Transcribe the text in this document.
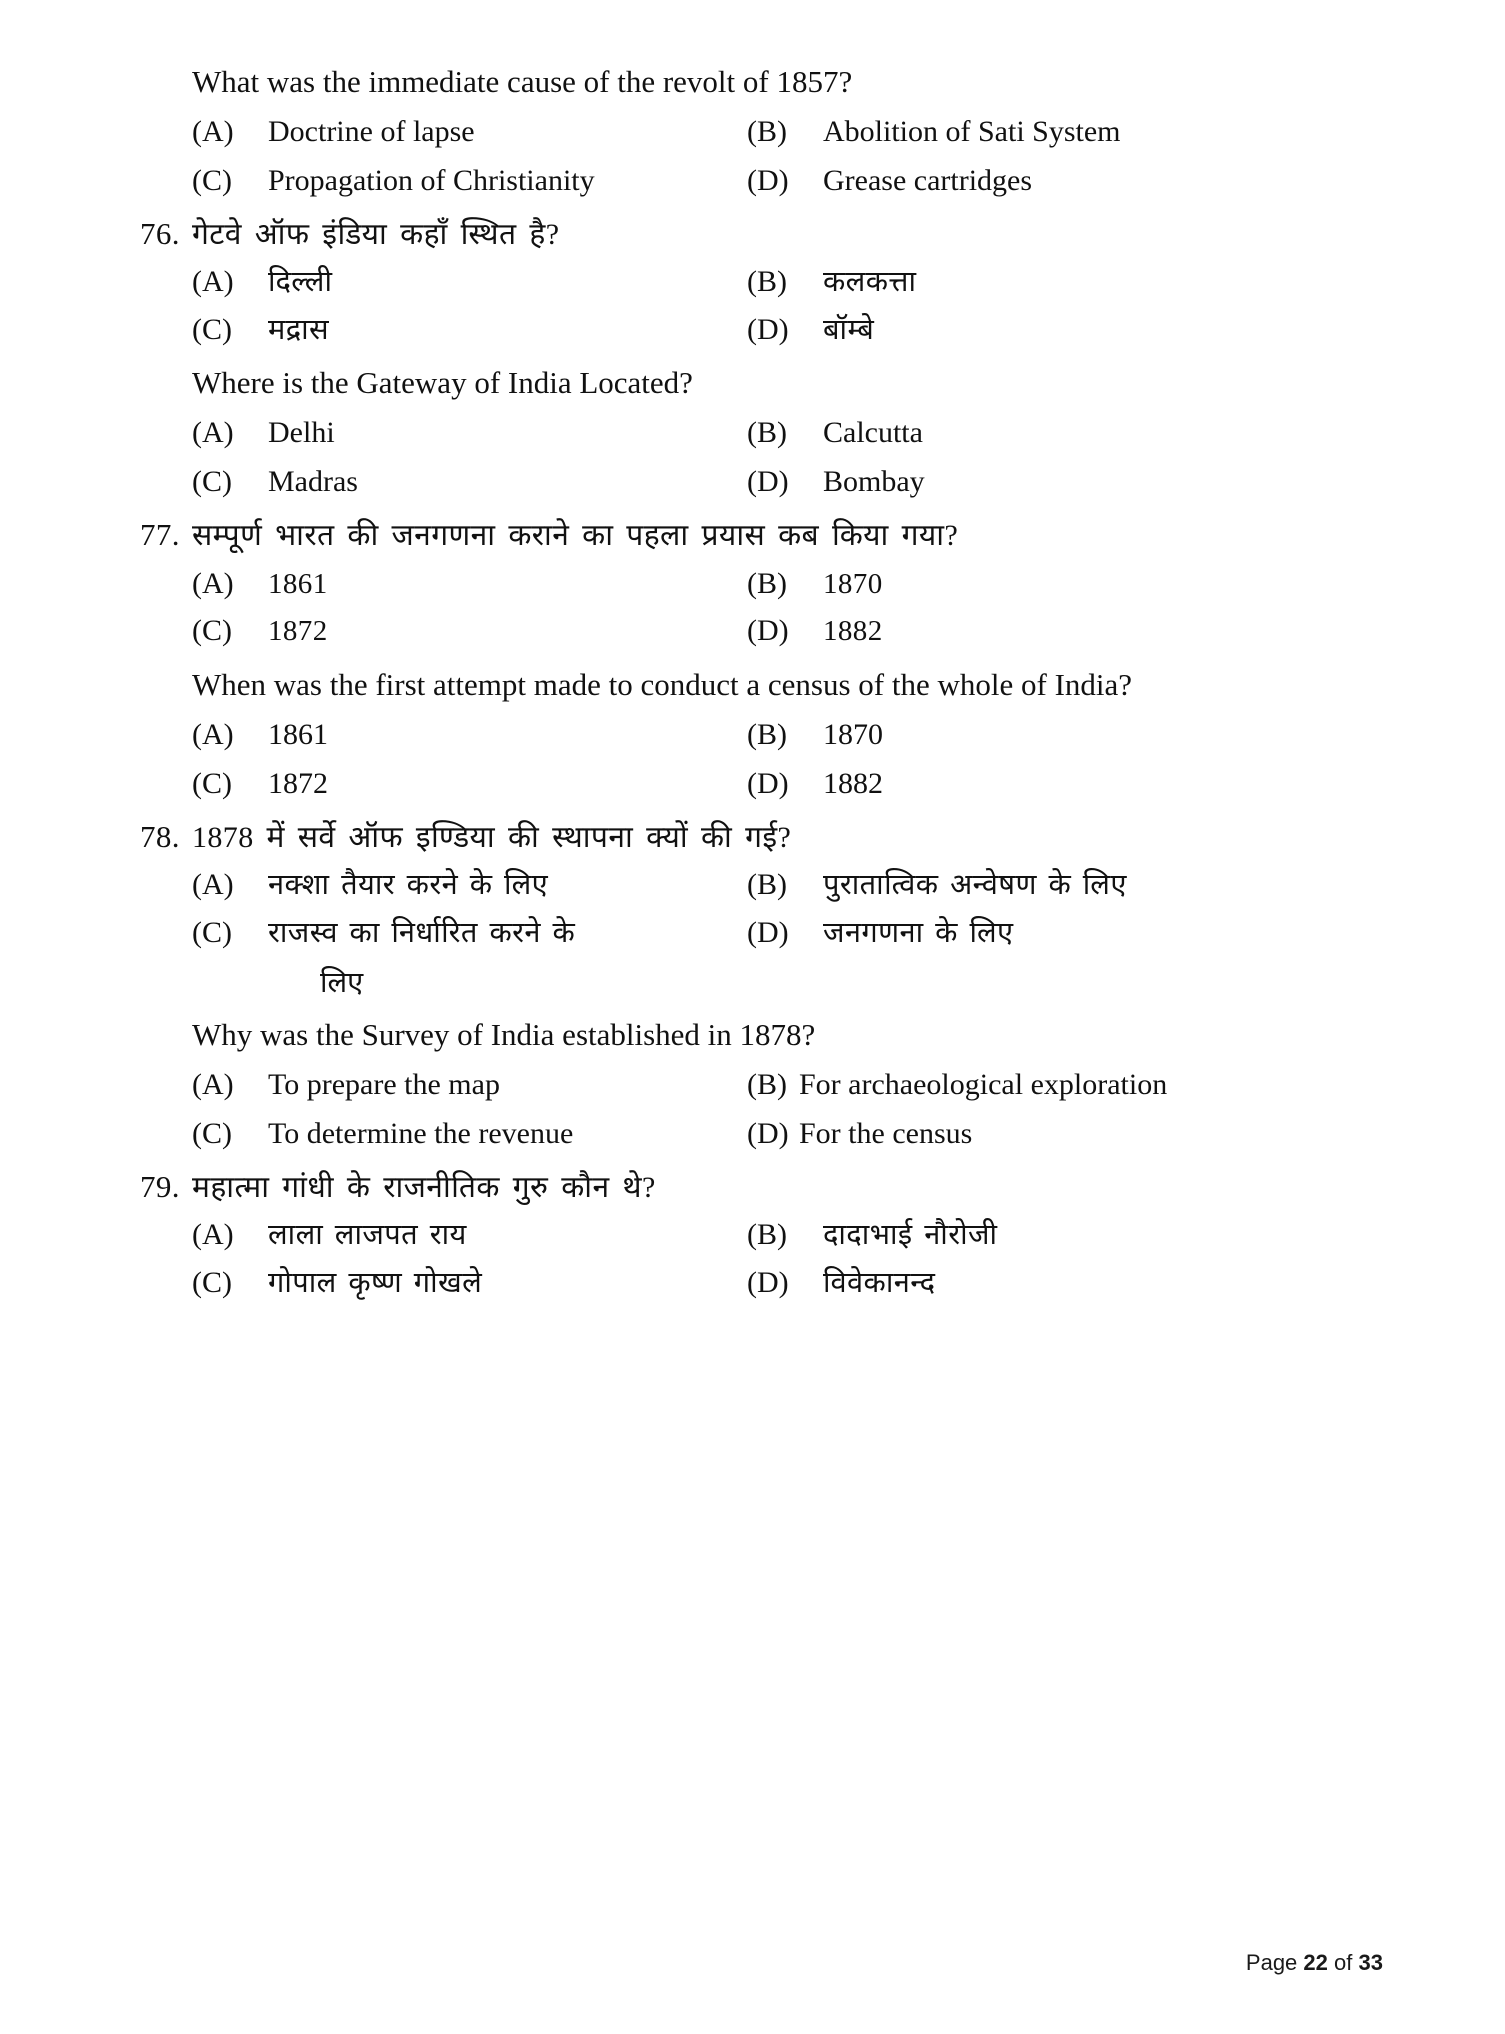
What was the immediate cause of the revolt of 1857?
(A)	Doctrine of lapse	(B)	Abolition of Sati System
(C)	Propagation of Christianity	(D)	Grease cartridges
76. गेटवे ऑफ इंडिया कहाँ स्थित है?
(A)	दिल्ली	(B)	कलकत्ता
(C)	मद्रास	(D)	बॉम्बे
Where is the Gateway of India Located?
(A)	Delhi	(B)	Calcutta
(C)	Madras	(D)	Bombay
77. सम्पूर्ण भारत की जनगणना कराने का पहला प्रयास कब किया गया?
(A)	1861	(B)	1870
(C)	1872	(D)	1882
When was the first attempt made to conduct a census of the whole of India?
(A)	1861	(B)	1870
(C)	1872	(D)	1882
78. 1878 में सर्वे ऑफ इण्डिया की स्थापना क्यों की गई?
(A)	नक्शा तैयार करने के लिए	(B)	पुरातात्विक अन्वेषण के लिए
(C)	राजस्व का निर्धारित करने के	(D)	जनगणना के लिए
लिए
Why was the Survey of India established in 1878?
(A)	To prepare the map	(B) For archaeological exploration
(C)	To determine the revenue	(D) For the census
79. महात्मा गांधी के राजनीतिक गुरु कौन थे?
(A)	लाला लाजपत राय	(B)	दादाभाई नौरोजी
(C)	गोपाल कृष्ण गोखले	(D)	विवेकानन्द
Page 22 of 33
